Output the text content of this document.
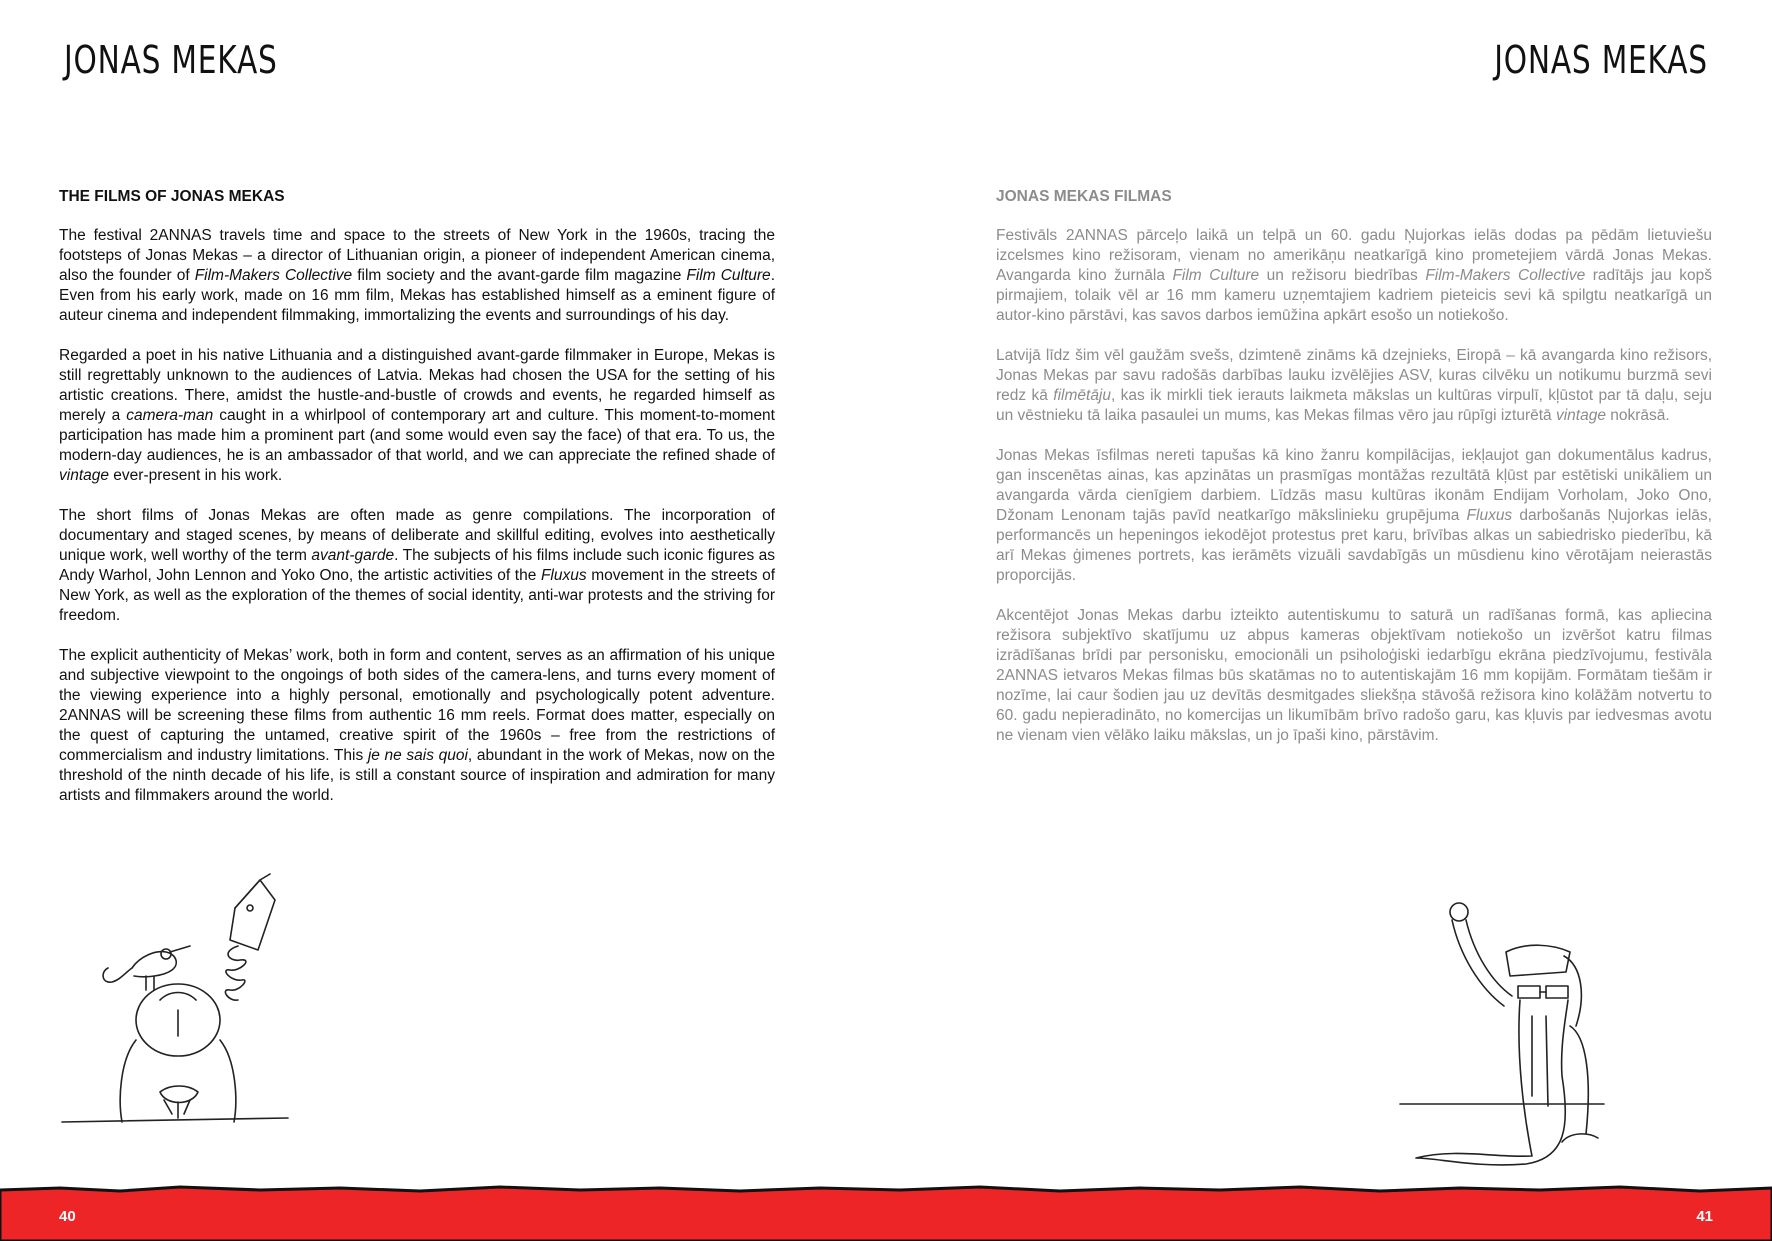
JONAS MEKAS

THE FILMS OF JONAS MEKAS

The festival 2ANNAS travels time and space to the streets of New York in the 1960s, tracing the footsteps of Jonas Mekas – a director of Lithuanian origin, a pioneer of independent American cinema, also the founder of Film-Makers Collective film society and the avant-garde film magazine Film Culture. Even from his early work, made on 16 mm film, Mekas has established himself as a eminent figure of auteur cinema and independent filmmaking, immortalizing the events and surroundings of his day.

Regarded a poet in his native Lithuania and a distinguished avant-garde filmmaker in Europe, Mekas is still regrettably unknown to the audiences of Latvia. Mekas had chosen the USA for the setting of his artistic creations. There, amidst the hustle-and-bustle of crowds and events, he regarded himself as merely a camera-man caught in a whirlpool of contemporary art and culture. This moment-to-moment participation has made him a prominent part (and some would even say the face) of that era. To us, the modern-day audiences, he is an ambassador of that world, and we can appreciate the refined shade of vintage ever-present in his work.

The short films of Jonas Mekas are often made as genre compilations. The incorporation of documentary and staged scenes, by means of deliberate and skillful editing, evolves into aesthetically unique work, well worthy of the term avant-garde. The subjects of his films include such iconic figures as Andy Warhol, John Lennon and Yoko Ono, the artistic activities of the Fluxus movement in the streets of New York, as well as the exploration of the themes of social identity, anti-war protests and the striving for freedom.

The explicit authenticity of Mekas’ work, both in form and content, serves as an affirmation of his unique and subjective viewpoint to the ongoings of both sides of the camera-lens, and turns every moment of the viewing experience into a highly personal, emotionally and psychologically potent adventure. 2ANNAS will be screening these films from authentic 16 mm reels. Format does matter, especially on the quest of capturing the untamed, creative spirit of the 1960s – free from the restrictions of commercialism and industry limitations. This je ne sais quoi, abundant in the work of Mekas, now on the threshold of the ninth decade of his life, is still a constant source of inspiration and admiration for many artists and filmmakers around the world.

JONAS MEKAS

JONAS MEKAS FILMAS

Festivāls 2ANNAS pārceļo laikā un telpā un 60. gadu Ņujorkas ielās dodas pa pēdām lietuviešu izcelsmes kino režisoram, vienam no amerikāņu neatkarīgā kino prometejiem vārdā Jonas Mekas. Avangarda kino žurnāla Film Culture un režisoru biedrības Film-Makers Collective radītājs jau kopš pirmajiem, tolaik vēl ar 16 mm kameru uzņemtajiem kadriem pieteicis sevi kā spilgtu neatkarīgā un autor-kino pārstāvi, kas savos darbos iemūžina apkārt esošo un notiekošo.

Latvijā līdz šim vēl gaužām svešs, dzimtenē zināms kā dzejnieks, Eiropā – kā avangarda kino režisors, Jonas Mekas par savu radošās darbības lauku izvēlējies ASV, kuras cilvēku un notikumu burzmā sevi redz kā filmētāju, kas ik mirkli tiek ierauts laikmeta mākslas un kultūras virpulī, kļūstot par tā daļu, seju un vēstnieku tā laika pasaulei un mums, kas Mekas filmas vēro jau rūpīgi izturētā vintage nokrāsā.

Jonas Mekas īsfilmas nereti tapušas kā kino žanru kompilācijas, iekļaujot gan dokumentālus kadrus, gan inscenētas ainas, kas apzinātas un prasmīgas montāžas rezultātā kļūst par estētiski unikāliem un avangarda vārda cienīgiem darbiem. Līdzās masu kultūras ikonām Endijam Vorholam, Joko Ono, Džonam Lenonam tajās pavīd neatkarīgo mākslinieku grupējuma Fluxus darbošanās Ņujorkas ielās, performancēs un hepeningos iekodējot protestus pret karu, brīvības alkas un sabiedrisko piederību, kā arī Mekas ģimenes portrets, kas ierāmēts vizuāli savdabīgās un mūsdienu kino vērotājam neierastās proporcijās.

Akcentējot Jonas Mekas darbu izteikto autentiskumu to saturā un radīšanas formā, kas apliecina režisora subjektīvo skatījumu uz abpus kameras objektīvam notiekošo un izvēršot katru filmas izrādīšanas brīdi par personisku, emocionāli un psiholoģiski iedarbīgu ekrāna piedzīvojumu, festivāla 2ANNAS ietvaros Mekas filmas būs skatāmas no to autentiskajām 16 mm kopijām. Formātam tiešām ir nozīme, lai caur šodien jau uz devītās desmitgades sliekšņa stāvošā režisora kino kolāžām notvertu to 60. gadu nepieradināto, no komercijas un likumībām brīvo radošo garu, kas kļuvis par iedvesmas avotu ne vienam vien vēlāko laiku mākslas, un jo īpaši kino, pārstāvim.

40	41
